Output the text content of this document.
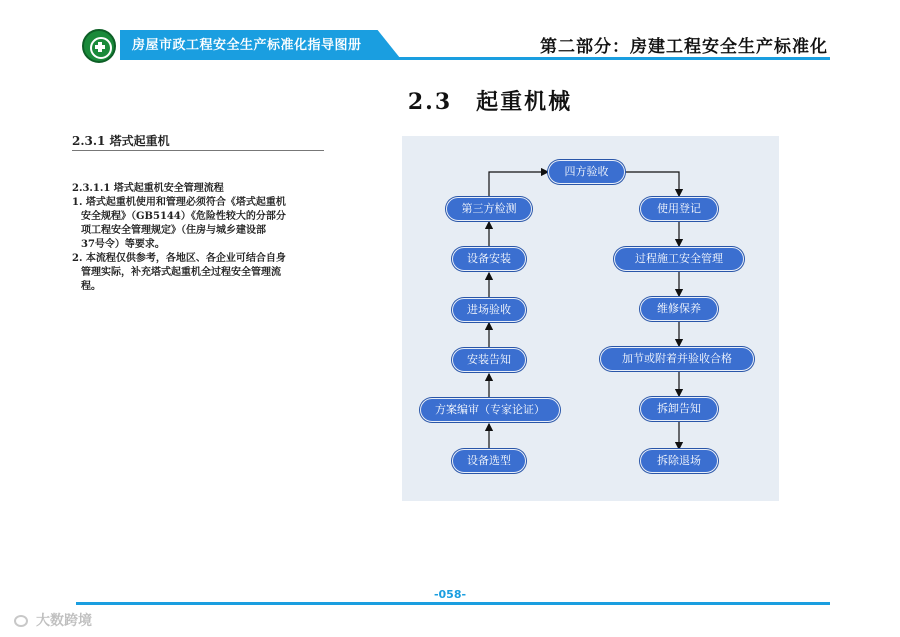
房屋市政工程安全生产标准化指导图册	第二部分：房建工程安全生产标准化
2.3　起重机械
2.3.1 塔式起重机

2.3.1.1 塔式起重机安全管理流程

1. 塔式起重机使用和管理必须符合《塔式起重机

安全规程》（GB5144）《危险性较大的分部分

项工程安全管理规定》（住房与城乡建设部

37号令）等要求。

2. 本流程仅供参考，各地区、各企业可结合自身

管理实际，补充塔式起重机全过程安全管理流

程。

四方验收
第三方检测
设备安装
进场验收
安装告知
方案编审（专家论证）
设备选型
使用登记
过程施工安全管理
维修保养
加节或附着并验收合格
拆卸告知
拆除退场
-058-
大数跨境
